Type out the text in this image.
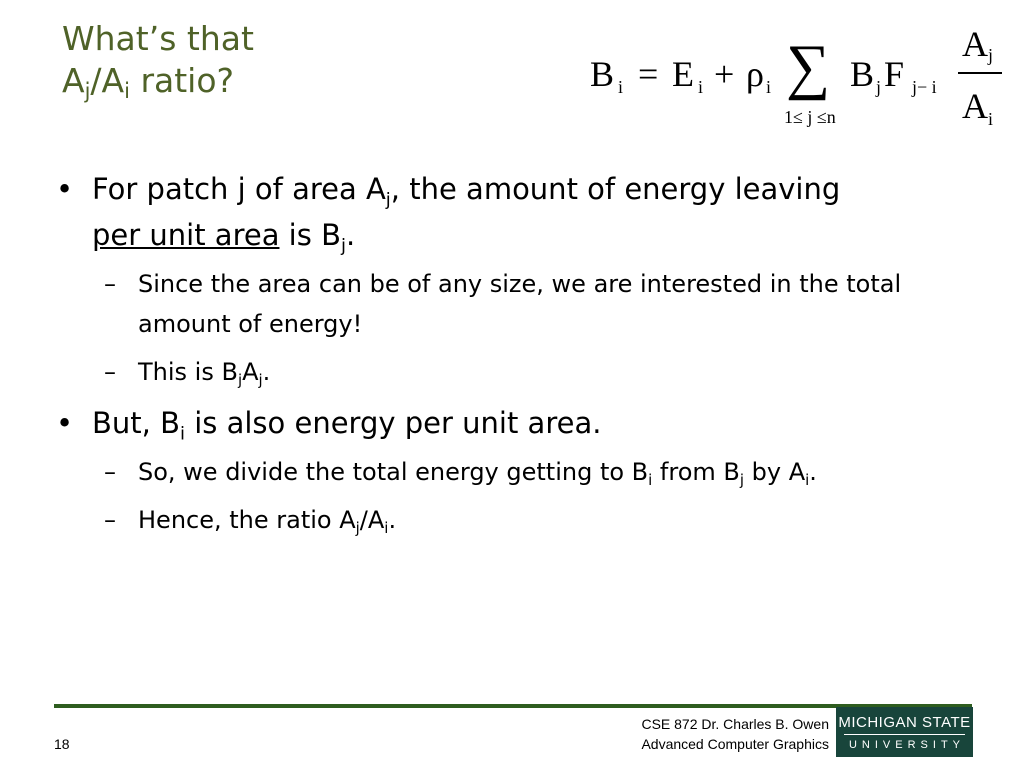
What’s that
$A_j/A_i$ ratio?	B i = E i + ρ i ∑
1≤ j ≤n
B j F j− i
A j
A i
• For patch j of area $A_j$, the amount of energy leaving
per unit area is $B_j$.
– Since the area can be of any size, we are interested in the total amount of energy!
– This is $B_jA_j$.
• But, $B_i$ is also energy per unit area.
– So, we divide the total energy getting to $B_i$ from $B_j$ by $A_i$.
– Hence, the ratio $A_j/A_i$.
18
CSE 872 Dr. Charles B. Owen
Advanced Computer Graphics
MICHIGAN STATE
UNIVERSITY
